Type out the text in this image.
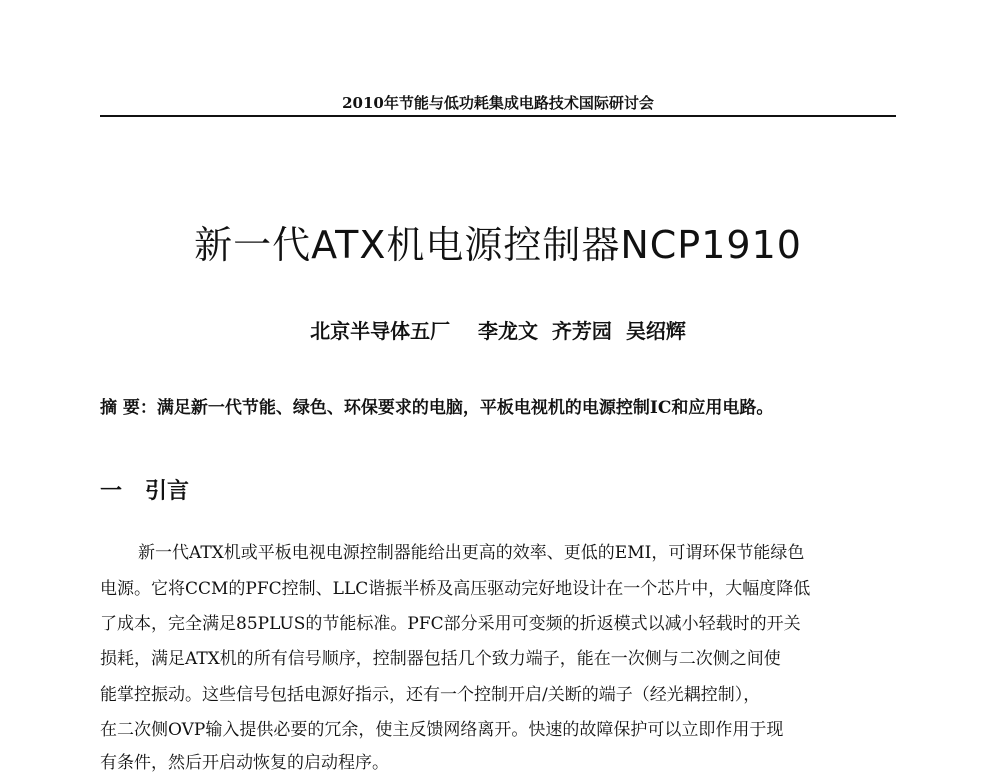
2010年节能与低功耗集成电路技术国际研讨会
新一代ATX机电源控制器NCP1910
北京半导体五厂    李龙文  齐芳园  吴绍辉
摘 要：满足新一代节能、绿色、环保要求的电脑，平板电视机的电源控制IC和应用电路。
一 引言
新一代ATX机或平板电视电源控制器能给出更高的效率、更低的EMI，可谓环保节能绿色
电源。它将CCM的PFC控制、LLC谐振半桥及高压驱动完好地设计在一个芯片中，大幅度降低
了成本，完全满足85PLUS的节能标准。PFC部分采用可变频的折返模式以减小轻载时的开关
损耗，满足ATX机的所有信号顺序，控制器包括几个致力端子，能在一次侧与二次侧之间使
能掌控振动。这些信号包括电源好指示，还有一个控制开启/关断的端子（经光耦控制），
在二次侧OVP输入提供必要的冗余，使主反馈网络离开。快速的故障保护可以立即作用于现
有条件，然后开启动恢复的启动程序。
